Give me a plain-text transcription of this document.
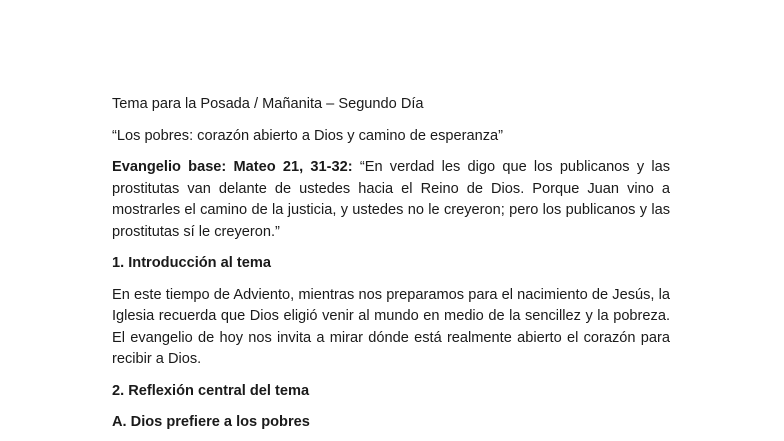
Tema para la Posada / Mañanita – Segundo Día

“Los pobres: corazón abierto a Dios y camino de esperanza”

Evangelio base: Mateo 21, 31-32: “En verdad les digo que los publicanos y las prostitutas van delante de ustedes hacia el Reino de Dios. Porque Juan vino a mostrarles el camino de la justicia, y ustedes no le creyeron; pero los publicanos y las prostitutas sí le creyeron.”

1. Introducción al tema

En este tiempo de Adviento, mientras nos preparamos para el nacimiento de Jesús, la Iglesia recuerda que Dios eligió venir al mundo en medio de la sencillez y la pobreza. El evangelio de hoy nos invita a mirar dónde está realmente abierto el corazón para recibir a Dios.

2. Reflexión central del tema

A. Dios prefiere a los pobres
